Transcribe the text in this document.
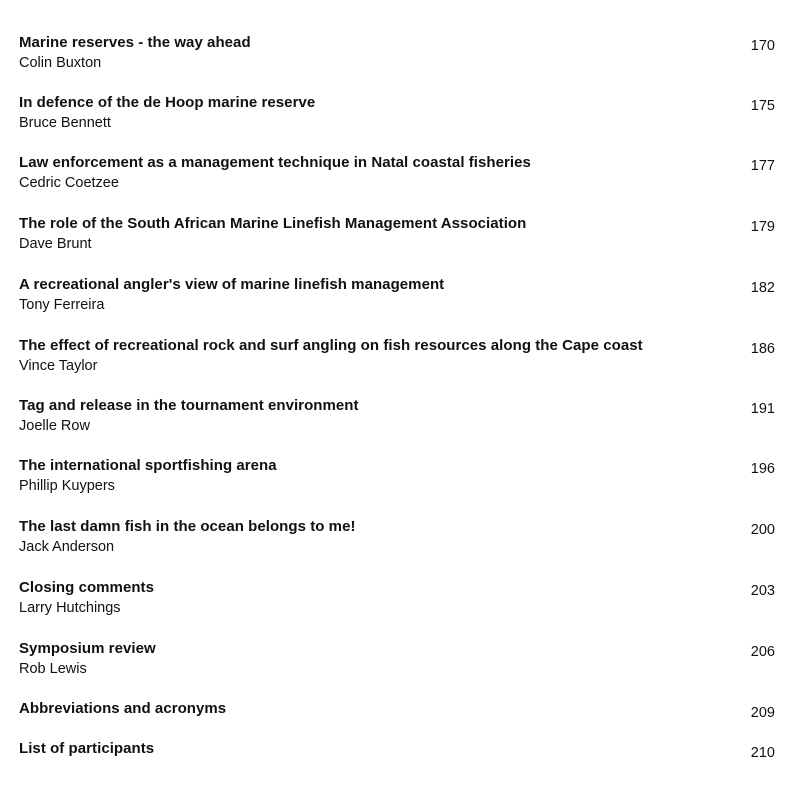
Marine reserves - the way ahead
Colin Buxton
170
In defence of the de Hoop marine reserve
Bruce Bennett
175
Law enforcement as a management technique in Natal coastal fisheries
Cedric Coetzee
177
The role of the South African Marine Linefish Management Association
Dave Brunt
179
A recreational angler's view of marine linefish management
Tony Ferreira
182
The effect of recreational rock and surf angling on fish resources along the Cape coast
Vince Taylor
186
Tag and release in the tournament environment
Joelle Row
191
The international sportfishing arena
Phillip Kuypers
196
The last damn fish in the ocean belongs to me!
Jack Anderson
200
Closing comments
Larry Hutchings
203
Symposium review
Rob Lewis
206
Abbreviations and acronyms	209
List of participants	210
